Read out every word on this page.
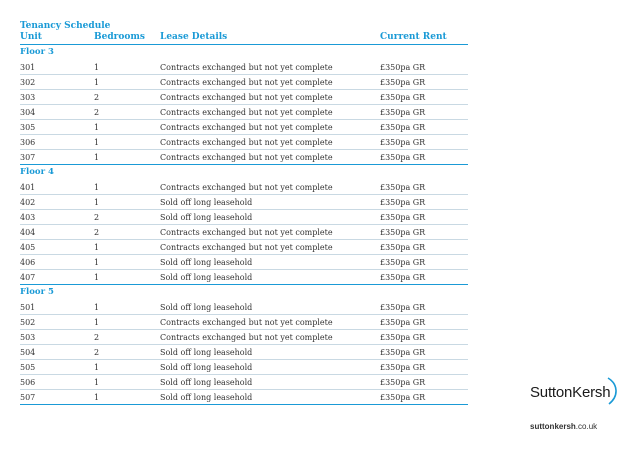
Tenancy Schedule
Unit	Bedrooms	Lease Details	Current Rent
Floor 3
301	1	Contracts exchanged but not yet complete	£350pa GR
302	1	Contracts exchanged but not yet complete	£350pa GR
303	2	Contracts exchanged but not yet complete	£350pa GR
304	2	Contracts exchanged but not yet complete	£350pa GR
305	1	Contracts exchanged but not yet complete	£350pa GR
306	1	Contracts exchanged but not yet complete	£350pa GR
307	1	Contracts exchanged but not yet complete	£350pa GR
Floor 4
401	1	Contracts exchanged but not yet complete	£350pa GR
402	1	Sold off long leasehold	£350pa GR
403	2	Sold off long leasehold	£350pa GR
404	2	Contracts exchanged but not yet complete	£350pa GR
405	1	Contracts exchanged but not yet complete	£350pa GR
406	1	Sold off long leasehold	£350pa GR
407	1	Sold off long leasehold	£350pa GR
Floor 5
501	1	Sold off long leasehold	£350pa GR
502	1	Contracts exchanged but not yet complete	£350pa GR
503	2	Contracts exchanged but not yet complete	£350pa GR
504	2	Sold off long leasehold	£350pa GR
505	1	Sold off long leasehold	£350pa GR
506	1	Sold off long leasehold	£350pa GR
507	1	Sold off long leasehold	£350pa GR	SuttonKersh
suttonkersh.co.uk
